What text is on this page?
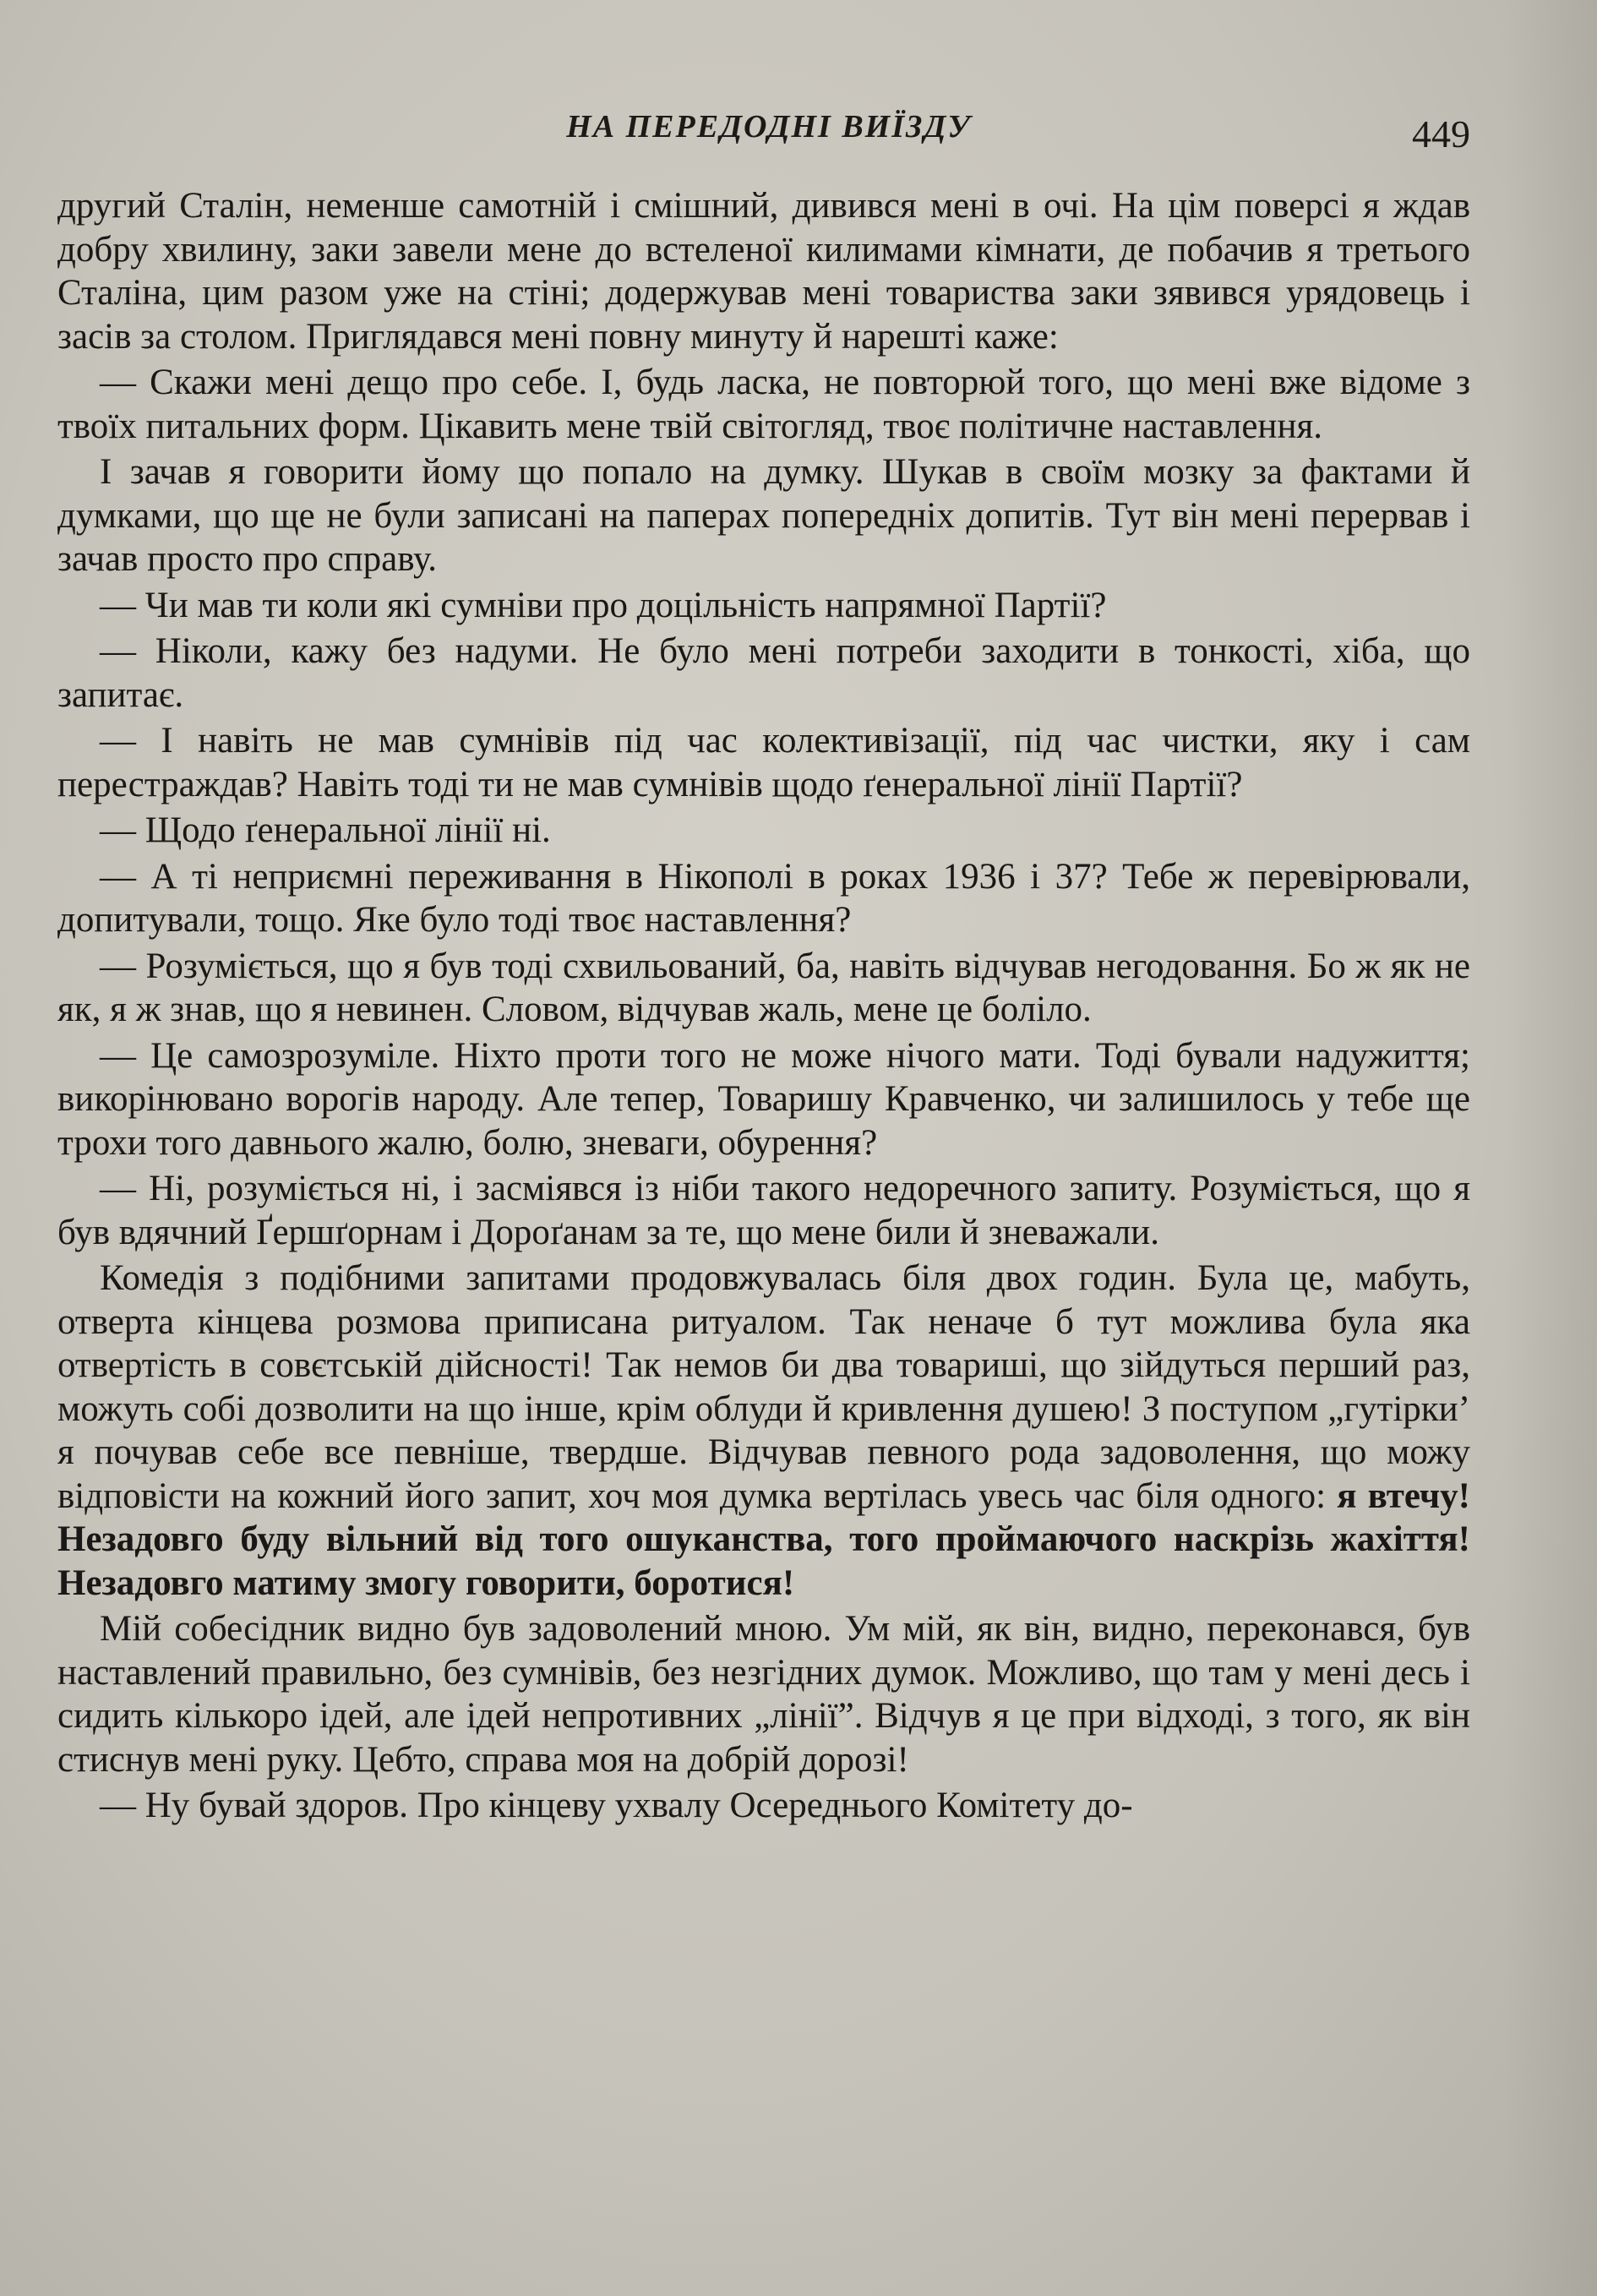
НА ПЕРЕДОДНІ ВИЇЗДУ	449

другий Сталін, неменше самотній і смішний, дивився мені в очі. На цім поверсі я ждав добру хвилину, заки завели мене до встеленої килимами кімнати, де побачив я третього Сталіна, цим разом уже на стіні; додержував мені товариства заки зявився урядовець і засів за столом. Приглядався мені повну минуту й нарешті каже:

— Скажи мені дещо про себе. І, будь ласка, не повторюй того, що мені вже відоме з твоїх питальних форм. Цікавить мене твій світогляд, твоє політичне наставлення.

І зачав я говорити йому що попало на думку. Шукав в своїм мозку за фактами й думками, що ще не були записані на паперах попередніх допитів. Тут він мені перервав і зачав просто про справу.

— Чи мав ти коли які сумніви про доцільність напрямної Партії?

— Ніколи, кажу без надуми. Не було мені потреби заходити в тонкості, хіба, що запитає.

— І навіть не мав сумнівів під час колективізації, під час чистки, яку і сам перестраждав? Навіть тоді ти не мав сумнівів щодо ґенеральної лінії Партії?

— Щодо ґенеральної лінії ні.

— А ті неприємні переживання в Нікополі в роках 1936 і 37? Тебе ж перевірювали, допитували, тощо. Яке було тоді твоє наставлення?

— Розуміється, що я був тоді схвильований, ба, навіть відчував негодовання. Бо ж як не як, я ж знав, що я невинен. Словом, відчував жаль, мене це боліло.

— Це самозрозуміле. Ніхто проти того не може нічого мати. Тоді бували надужиття; викорінювано ворогів народу. Але тепер, Товаришу Кравченко, чи залишилось у тебе ще трохи того давнього жалю, болю, зневаги, обурення?

— Ні, розуміється ні, і засміявся із ніби такого недоречного запиту. Розуміється, що я був вдячний Ґершґорнам і Дороґанам за те, що мене били й зневажали.

Комедія з подібними запитами продовжувалась біля двох годин. Була це, мабуть, отверта кінцева розмова приписана ритуалом. Так неначе б тут можлива була яка отвертість в совєтській дійсності! Так немов би два товариші, що зійдуться перший раз, можуть собі дозволити на що інше, крім облуди й кривлення душею! З поступом „гутірки’ я почував себе все певніше, твердше. Відчував певного рода задоволення, що можу відповісти на кожний його запит, хоч моя думка вертілась увесь час біля одного: я втечу! Незадовго буду вільний від того ошуканства, того проймаючого наскрізь жахіття! Незадовго матиму змогу говорити, боротися!

Мій собесідник видно був задоволений мною. Ум мій, як він, видно, переконався, був наставлений правильно, без сумнівів, без незгідних думок. Можливо, що там у мені десь і сидить кількоро ідей, але ідей непротивних „лінії”. Відчув я це при відході, з того, як він стиснув мені руку. Цебто, справа моя на добрій дорозі!

— Ну бувай здоров. Про кінцеву ухвалу Осереднього Комітету до-
